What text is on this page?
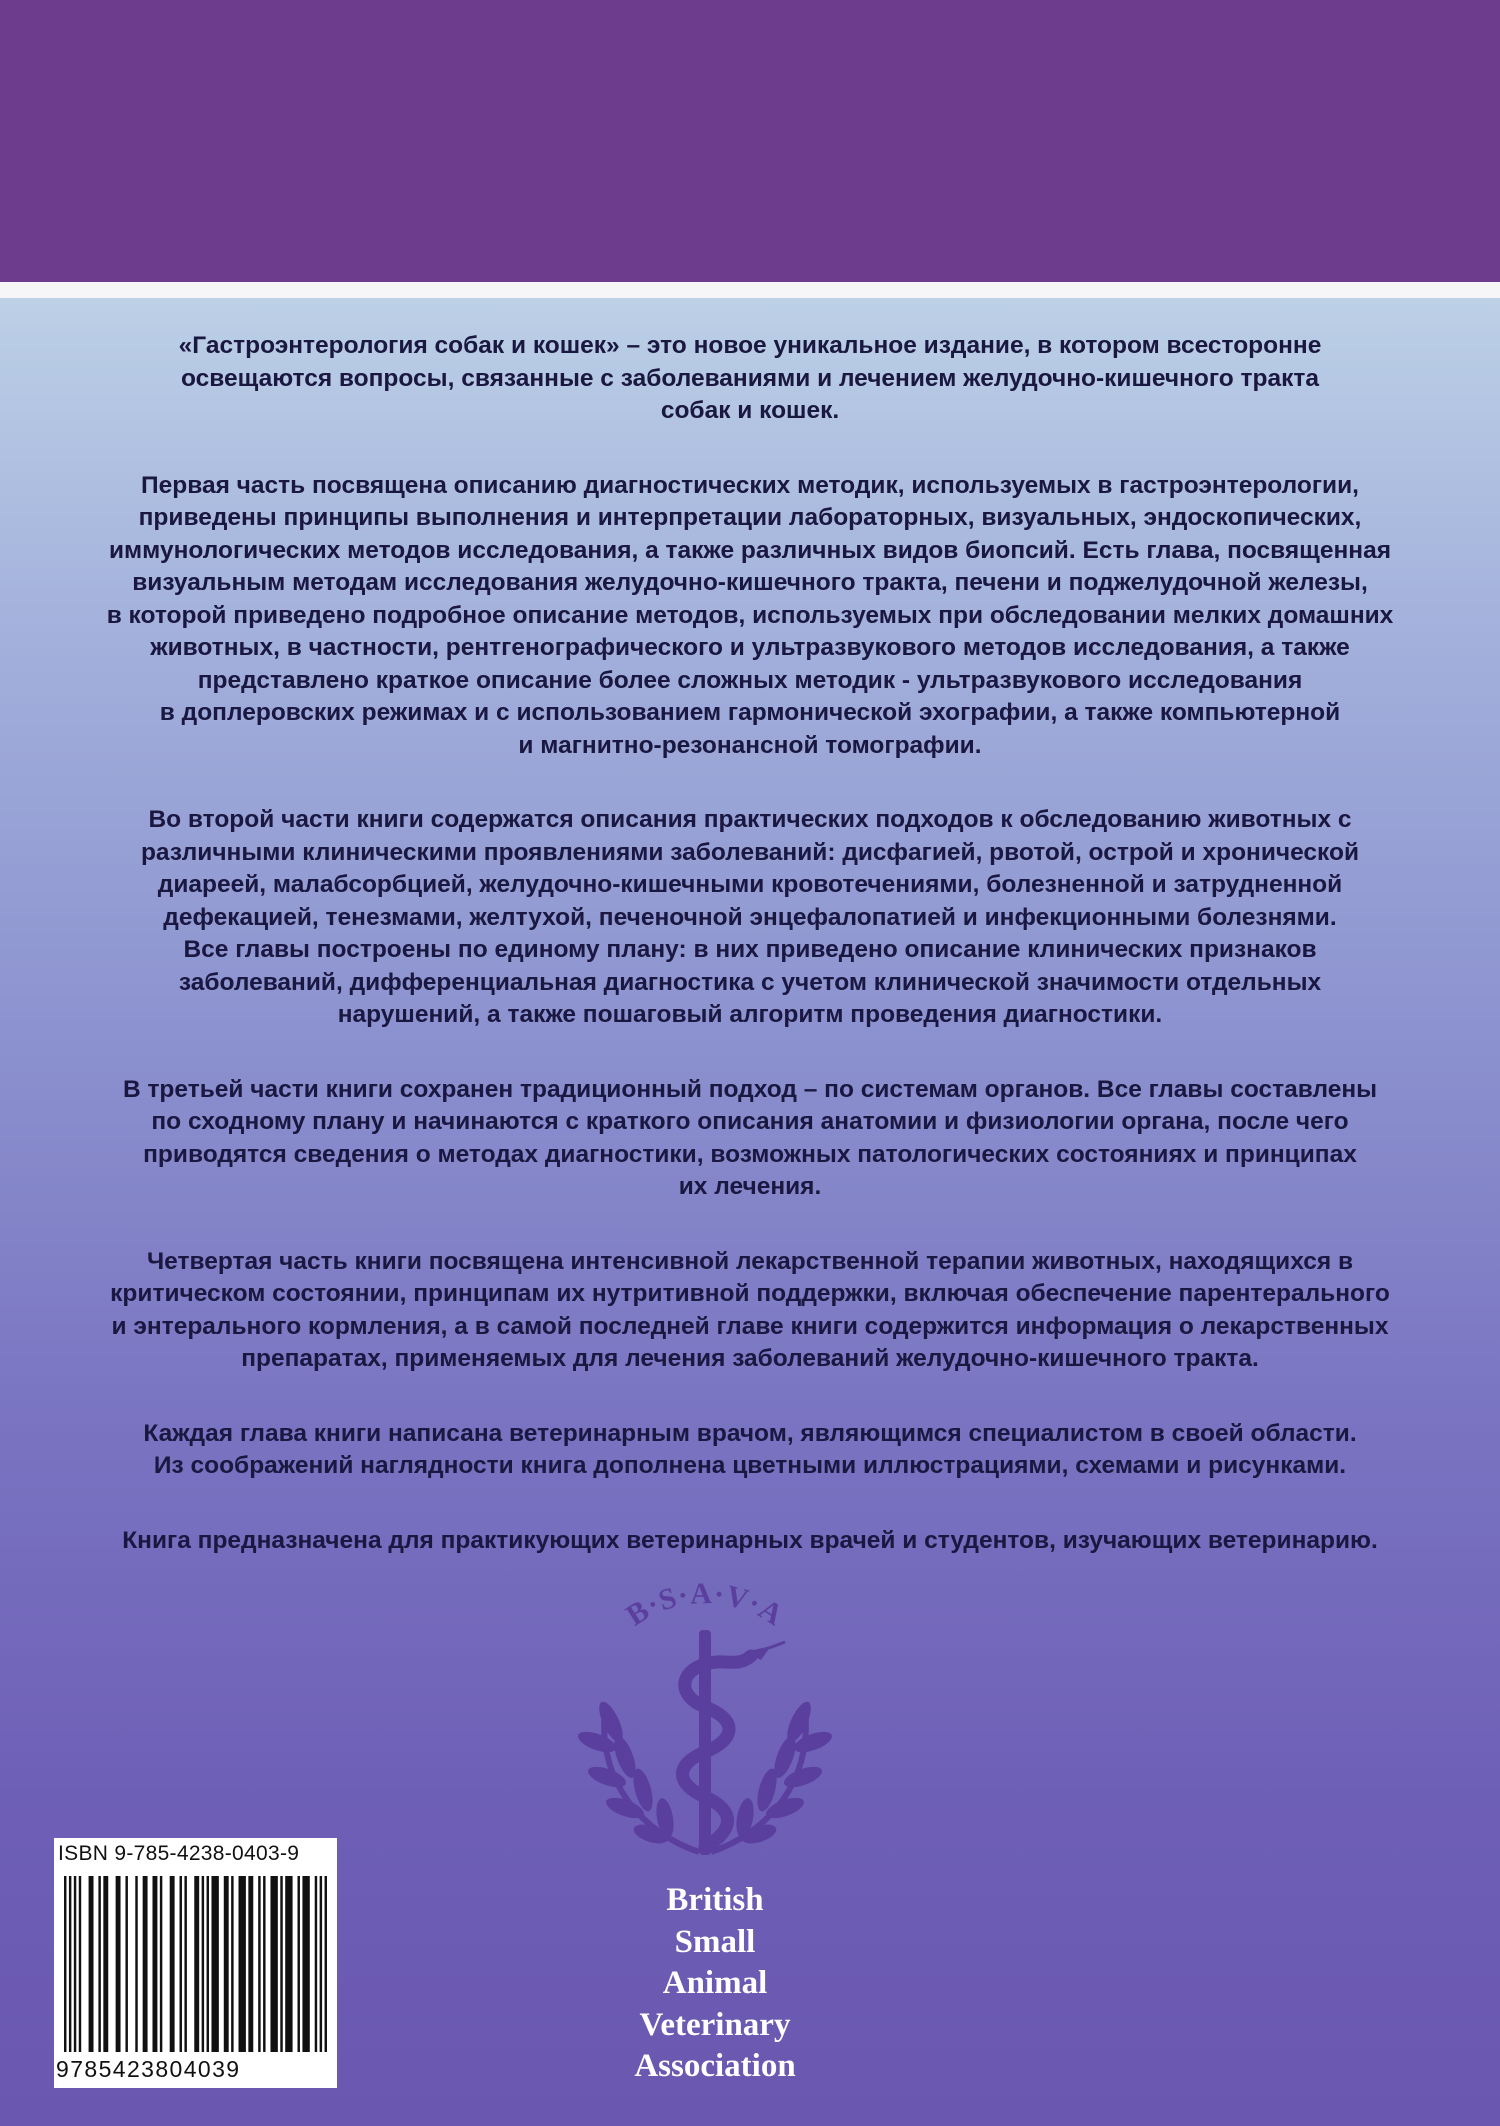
«Гастроэнтерология собак и кошек» – это новое уникальное издание, в котором всесторонне
освещаются вопросы, связанные с заболеваниями и лечением желудочно-кишечного тракта
собак и кошек.

Первая часть посвящена описанию диагностических методик, используемых в гастроэнтерологии,
приведены принципы выполнения и интерпретации лабораторных, визуальных, эндоскопических,
иммунологических методов исследования, а также различных видов биопсий. Есть глава, посвященная
визуальным методам исследования желудочно-кишечного тракта, печени и поджелудочной железы,
в которой приведено подробное описание методов, используемых при обследовании мелких домашних
животных, в частности, рентгенографического и ультразвукового методов исследования, а также
представлено краткое описание более сложных методик - ультразвукового исследования
в доплеровских режимах и с использованием гармонической эхографии, а также компьютерной
и магнитно-резонансной томографии.

Во второй части книги содержатся описания практических подходов к обследованию животных с
различными клиническими проявлениями заболеваний: дисфагией, рвотой, острой и хронической
диареей, малабсорбцией, желудочно-кишечными кровотечениями, болезненной и затрудненной
дефекацией, тенезмами, желтухой, печеночной энцефалопатией и инфекционными болезнями.
Все главы построены по единому плану: в них приведено описание клинических признаков
заболеваний, дифференциальная диагностика с учетом клинической значимости отдельных
нарушений, а также пошаговый алгоритм проведения диагностики.

В третьей части книги сохранен традиционный подход – по системам органов. Все главы составлены
по сходному плану и начинаются с краткого описания анатомии и физиологии органа, после чего
приводятся сведения о методах диагностики, возможных патологических состояниях и принципах
их лечения.

Четвертая часть книги посвящена интенсивной лекарственной терапии животных, находящихся в
критическом состоянии, принципам их нутритивной поддержки, включая обеспечение парентерального
и энтерального кормления, а в самой последней главе книги содержится информация о лекарственных
препаратах, применяемых для лечения заболеваний желудочно-кишечного тракта.

Каждая глава книги написана ветеринарным врачом, являющимся специалистом в своей области.
Из соображений наглядности книга дополнена цветными иллюстрациями, схемами и рисунками.

Книга предназначена для практикующих ветеринарных врачей и студентов, изучающих ветеринарию.

B·S·A·V·A
British
Small
Animal
Veterinary
Association
ISBN 9-785-4238-0403-9
9785423804039
